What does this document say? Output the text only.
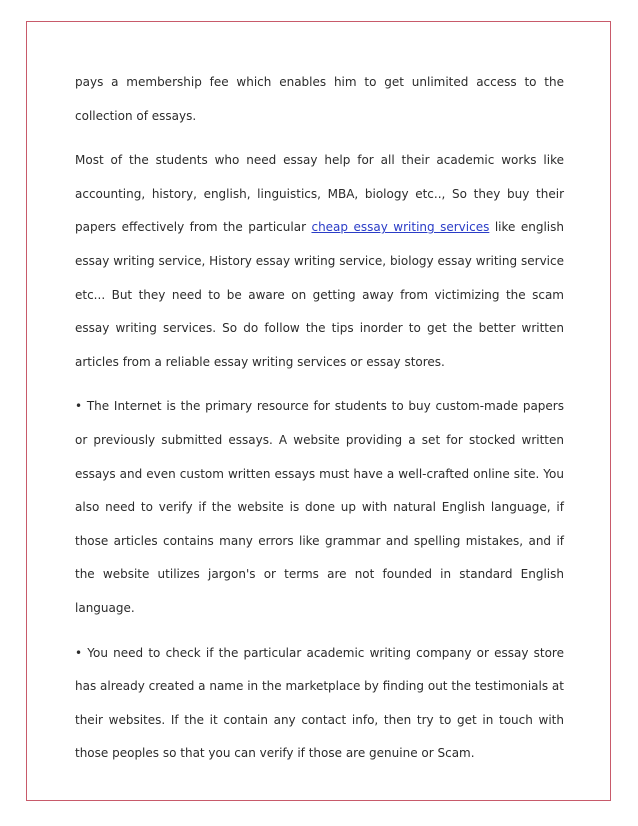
pays a membership fee which enables him to get unlimited access to the collection of essays.

Most of the students who need essay help for all their academic works like accounting, history, english, linguistics, MBA, biology etc.., So they buy their papers effectively from the particular cheap essay writing services like english essay writing service, History essay writing service, biology essay writing service etc... But they need to be aware on getting away from victimizing the scam essay writing services. So do follow the tips inorder to get the better written articles from a reliable essay writing services or essay stores.

• The Internet is the primary resource for students to buy custom-made papers or previously submitted essays. A website providing a set for stocked written essays and even custom written essays must have a well-crafted online site. You also need to verify if the website is done up with natural English language, if those articles contains many errors like grammar and spelling mistakes, and if the website utilizes jargon's or terms are not founded in standard English language.

• You need to check if the particular academic writing company or essay store has already created a name in the marketplace by finding out the testimonials at their websites. If the it contain any contact info, then try to get in touch with those peoples so that you can verify if those are genuine or Scam.
